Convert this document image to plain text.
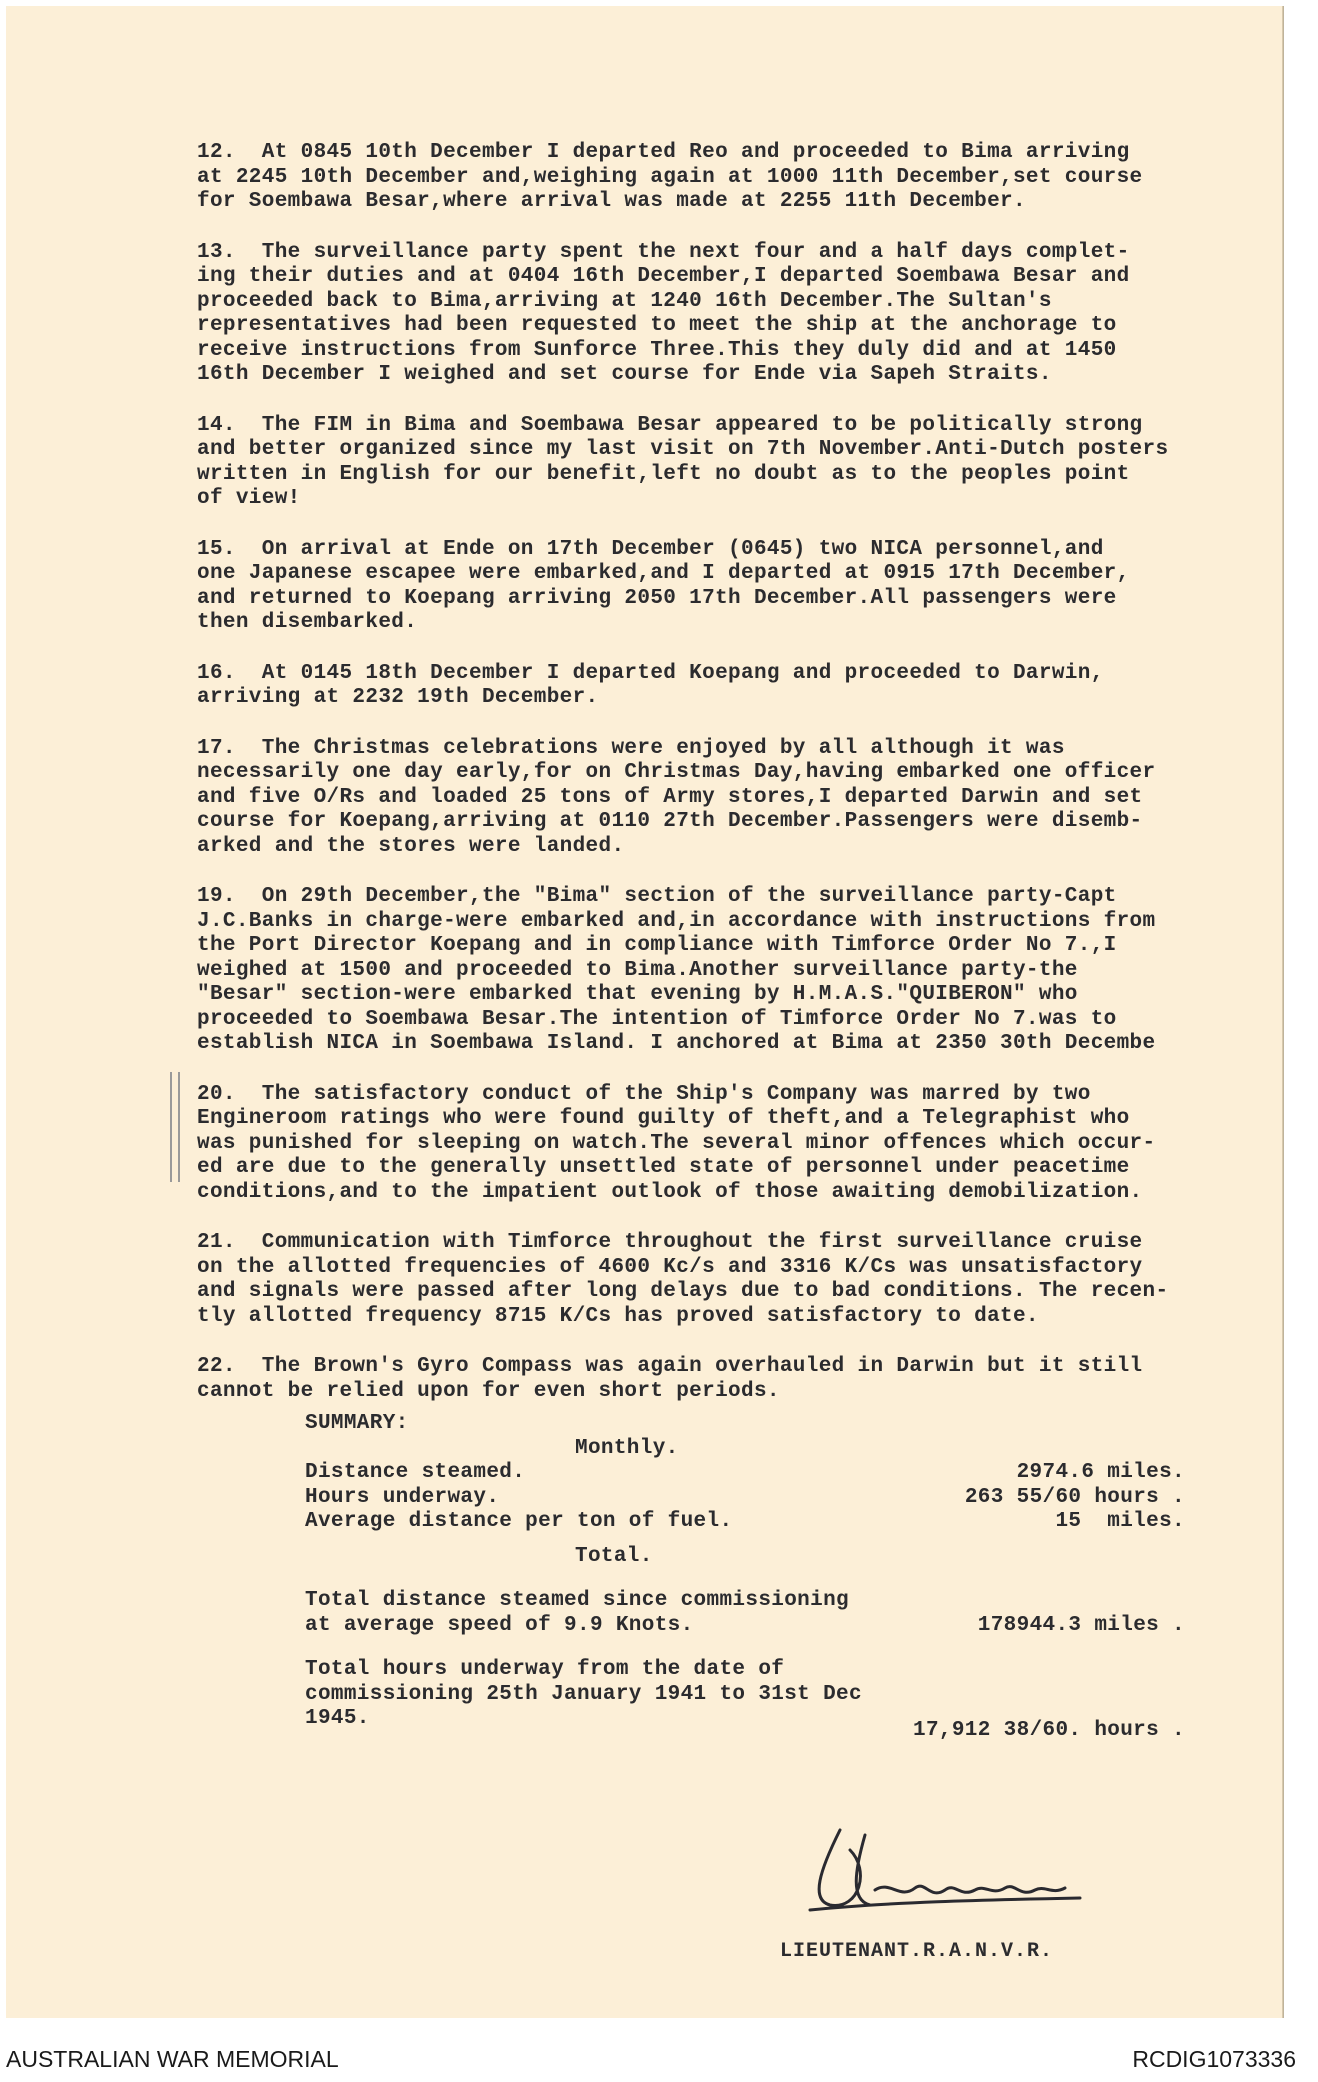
12.  At 0845 10th December I departed Reo and proceeded to Bima arriving
at 2245 10th December and,weighing again at 1000 11th December,set course
for Soembawa Besar,where arrival was made at 2255 11th December.
13.  The surveillance party spent the next four and a half days complet-
ing their duties and at 0404 16th December,I departed Soembawa Besar and
proceeded back to Bima,arriving at 1240 16th December.The Sultan's
representatives had been requested to meet the ship at the anchorage to
receive instructions from Sunforce Three.This they duly did and at 1450
16th December I weighed and set course for Ende via Sapeh Straits.
14.  The FIM in Bima and Soembawa Besar appeared to be politically strong
and better organized since my last visit on 7th November.Anti-Dutch posters
written in English for our benefit,left no doubt as to the peoples point
of view!
15.  On arrival at Ende on 17th December (0645) two NICA personnel,and
one Japanese escapee were embarked,and I departed at 0915 17th December,
and returned to Koepang arriving 2050 17th December.All passengers were
then disembarked.
16.  At 0145 18th December I departed Koepang and proceeded to Darwin,
arriving at 2232 19th December.
17.  The Christmas celebrations were enjoyed by all although it was
necessarily one day early,for on Christmas Day,having embarked one officer
and five O/Rs and loaded 25 tons of Army stores,I departed Darwin and set
course for Koepang,arriving at 0110 27th December.Passengers were disemb-
arked and the stores were landed.
19.  On 29th December,the "Bima" section of the surveillance party-Capt
J.C.Banks in charge-were embarked and,in accordance with instructions from
the Port Director Koepang and in compliance with Timforce Order No 7.,I
weighed at 1500 and proceeded to Bima.Another surveillance party-the
"Besar" section-were embarked that evening by H.M.A.S."QUIBERON" who
proceeded to Soembawa Besar.The intention of Timforce Order No 7.was to
establish NICA in Soembawa Island. I anchored at Bima at 2350 30th Decembe
20.  The satisfactory conduct of the Ship's Company was marred by two
Engineroom ratings who were found guilty of theft,and a Telegraphist who
was punished for sleeping on watch.The several minor offences which occur-
ed are due to the generally unsettled state of personnel under peacetime
conditions,and to the impatient outlook of those awaiting demobilization.
21.  Communication with Timforce throughout the first surveillance cruise
on the allotted frequencies of 4600 Kc/s and 3316 K/Cs was unsatisfactory
and signals were passed after long delays due to bad conditions. The recen-
tly allotted frequency 8715 K/Cs has proved satisfactory to date.
22.  The Brown's Gyro Compass was again overhauled in Darwin but it still
cannot be relied upon for even short periods.
SUMMARY:
Monthly.
Distance steamed.	2974.6 miles.
Hours underway.	263 55/60 hours .
Average distance per ton of fuel.	15  miles.
Total.
Total distance steamed since commissioning
at average speed of 9.9 Knots.	178944.3 miles .
Total hours underway from the date of
commissioning 25th January 1941 to 31st Dec
1945.
17,912 38/60. hours .
LIEUTENANT.R.A.N.V.R.
AUSTRALIAN WAR MEMORIAL	RCDIG1073336
